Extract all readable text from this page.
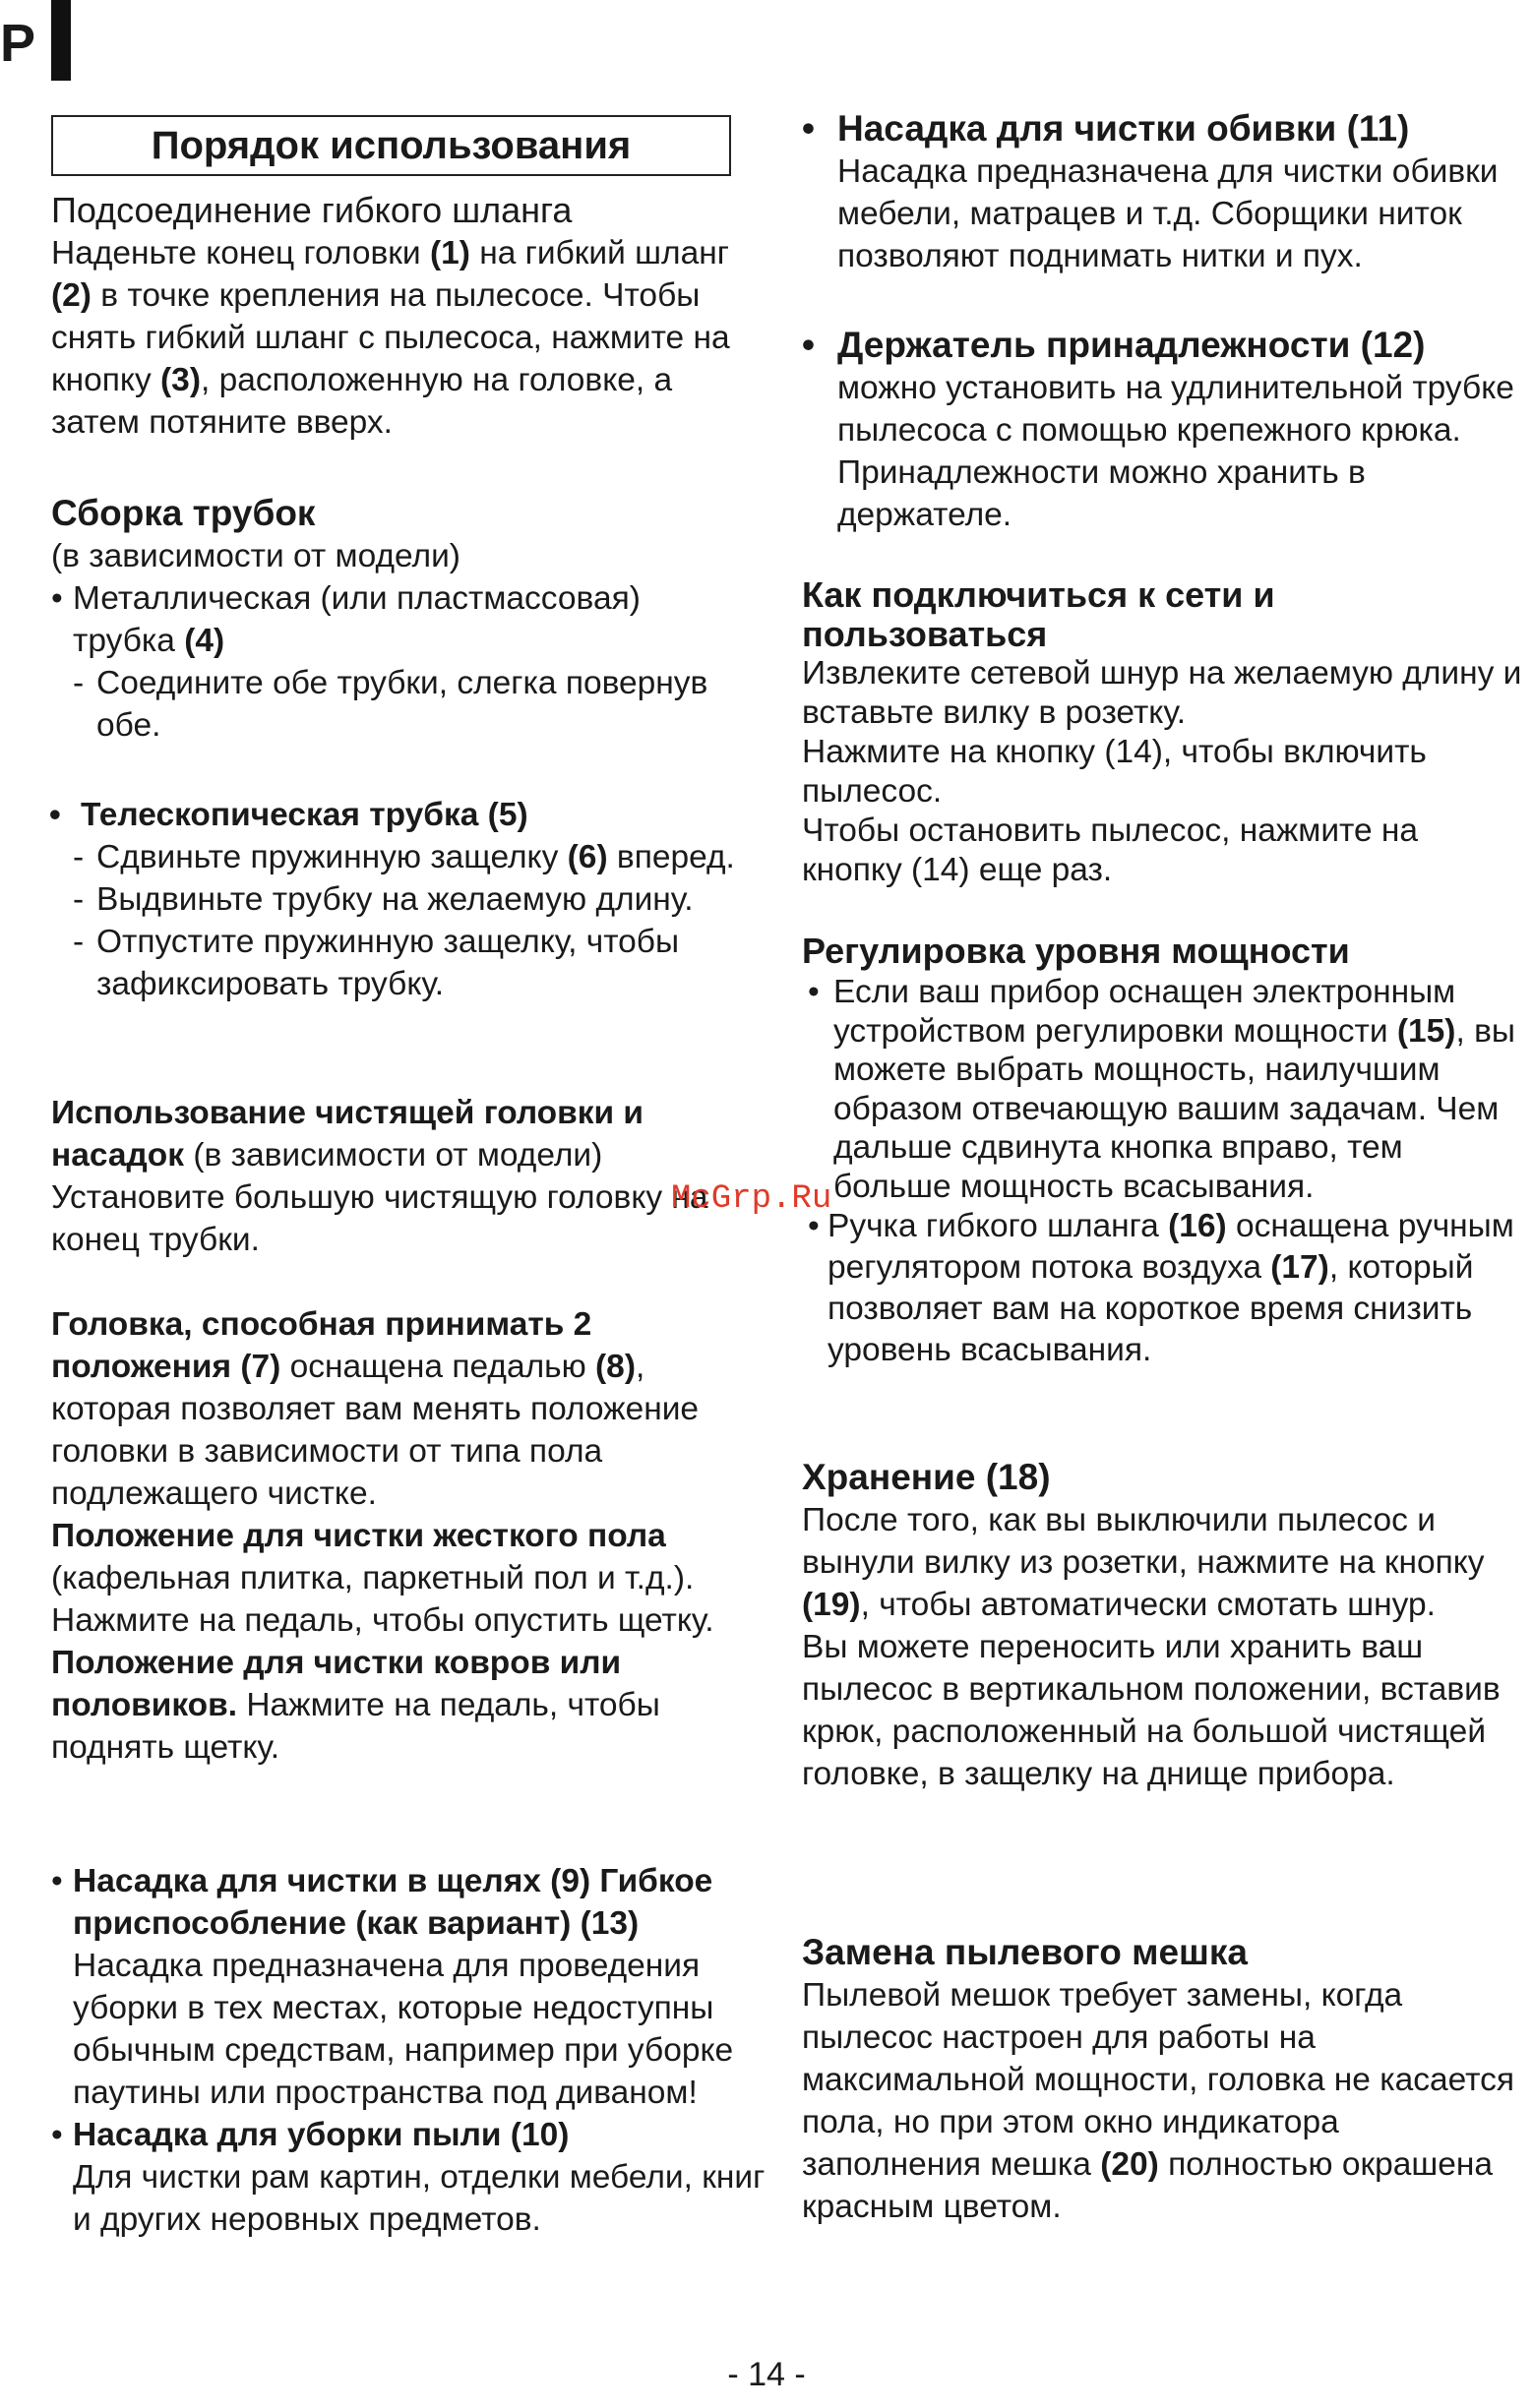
P
Порядок использования

Подсоединение гибкого шланга

Наденьте конец головки (1) на гибкий шланг (2) в точке крепления на пылесосе. Чтобы снять гибкий шланг с пылесоса, нажмите на кнопку (3), расположенную на головке, а затем потяните вверх.

Сборка трубок

(в зависимости от модели)

• Металлическая (или пластмассовая)
трубка (4)

- Соедините обе трубки, слегка повернув обе.

• Телескопическая трубка (5)

- Сдвиньте пружинную защелку (6) вперед.

- Выдвиньте трубку на желаемую длину.

- Отпустите пружинную защелку, чтобы зафиксировать трубку.

Использование чистящей головки и насадок (в зависимости от модели)

Установите большую чистящую головку на конец трубки.

Головка, способная принимать 2 положения (7) оснащена педалью (8), которая позволяет вам менять положение головки в зависимости от типа пола подлежащего чистке.

Положение для чистки жесткого пола (кафельная плитка, паркетный пол и т.д.). Нажмите на педаль, чтобы опустить щетку.

Положение для чистки ковров или половиков. Нажмите на педаль, чтобы поднять щетку.

• Насадка для чистки в щелях (9) Гибкое приспособление (как вариант) (13) Насадка предназначена для проведения уборки в тех местах, которые недоступны обычным средствам, например при уборке паутины или пространства под диваном!

• Насадка для уборки пыли (10)
Для чистки рам картин, отделки мебели, книг и других неровных предметов.

• Насадка для чистки обивки (11)

Насадка предназначена для чистки обивки мебели, матрацев и т.д. Сборщики ниток позволяют поднимать нитки и пух.

• Держатель принадлежности (12)

можно установить на удлинительной трубке пылесоса с помощью крепежного крюка. Принадлежности можно хранить в держателе.

Как подключиться к сети и пользоваться

Извлеките сетевой шнур на желаемую длину и вставьте вилку в розетку.

Нажмите на кнопку (14), чтобы включить пылесос.

Чтобы остановить пылесос, нажмите на кнопку (14) еще раз.

Регулировка уровня мощности

• Если ваш прибор оснащен электронным устройством регулировки мощности (15), вы можете выбрать мощность, наилучшим образом отвечающую вашим задачам. Чем дальше сдвинута кнопка вправо, тем больше мощность всасывания.

• Ручка гибкого шланга (16) оснащена ручным регулятором потока воздуха (17), который позволяет вам на короткое время снизить уровень всасывания.

Хранение (18)

После того, как вы выключили пылесос и вынули вилку из розетки, нажмите на кнопку (19), чтобы автоматически смотать шнур.

Вы можете переносить или хранить ваш пылесос в вертикальном положении, вставив крюк, расположенный на большой чистящей головке, в защелку на днище прибора.

Замена пылевого мешка

Пылевой мешок требует замены, когда пылесос настроен для работы на максимальной мощности, головка не касается пола, но при этом окно индикатора заполнения мешка (20) полностью окрашена красным цветом.

McGrp.Ru
- 14 -
